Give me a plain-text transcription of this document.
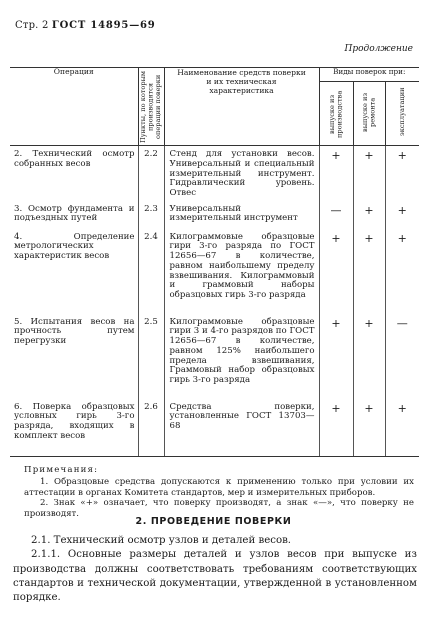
Стр. 2 ГОСТ 14895—69
Продолжение
Операция	Пункты, по которым производятся операции поверки	Наименование средств поверки и их техническая характеристика	Виды поверок при:		

			выпуске из производства	выпуске из ремонта	эксплуатации

2. Технический осмотр собранных весов	2.2	Стенд для установки весов. Универсальный и специальный измерительный инструмент. Гидравлический уровень. Отвес	+	+	+
3. Осмотр фундамента и подъездных путей	2.3	Универсальный измерительный инструмент	—	+	+
4. Определение метрологических характеристик весов	2.4	Килограммовые образцовые гири 3-го разряда по ГОСТ 12656—67 в количестве, равном наибольшему пределу взвешивания. Килограммовый и граммовый наборы образцовых гирь 3-го разряда	+	+	+
5. Испытания весов на прочность путем перегрузки	2.5	Килограммовые образцовые гири 3 и 4-го разрядов по ГОСТ 12656—67 в количестве, равном 125% наибольшего предела взвешивания, Граммовый набор образцовых гирь 3-го разряда	+	+	—
6. Поверка образцовых условных гирь 3-го разряда, входящих в комплект весов	2.6	Средства поверки, установленные ГОСТ 13703—68	+	+	+
Примечания:

1. Образцовые средства допускаются к применению только при условии их аттестации в органах Комитета стандартов, мер и измерительных приборов.

2. Знак «+» означает, что поверку производят, а знак «—», что поверку не производят.

2. ПРОВЕДЕНИЕ ПОВЕРКИ

2.1. Технический осмотр узлов и деталей весов.

2.1.1. Основные размеры деталей и узлов весов при выпуске из производства должны соответствовать требованиям соответствующих стандартов и технической документации, утвержденной в установленном порядке.
